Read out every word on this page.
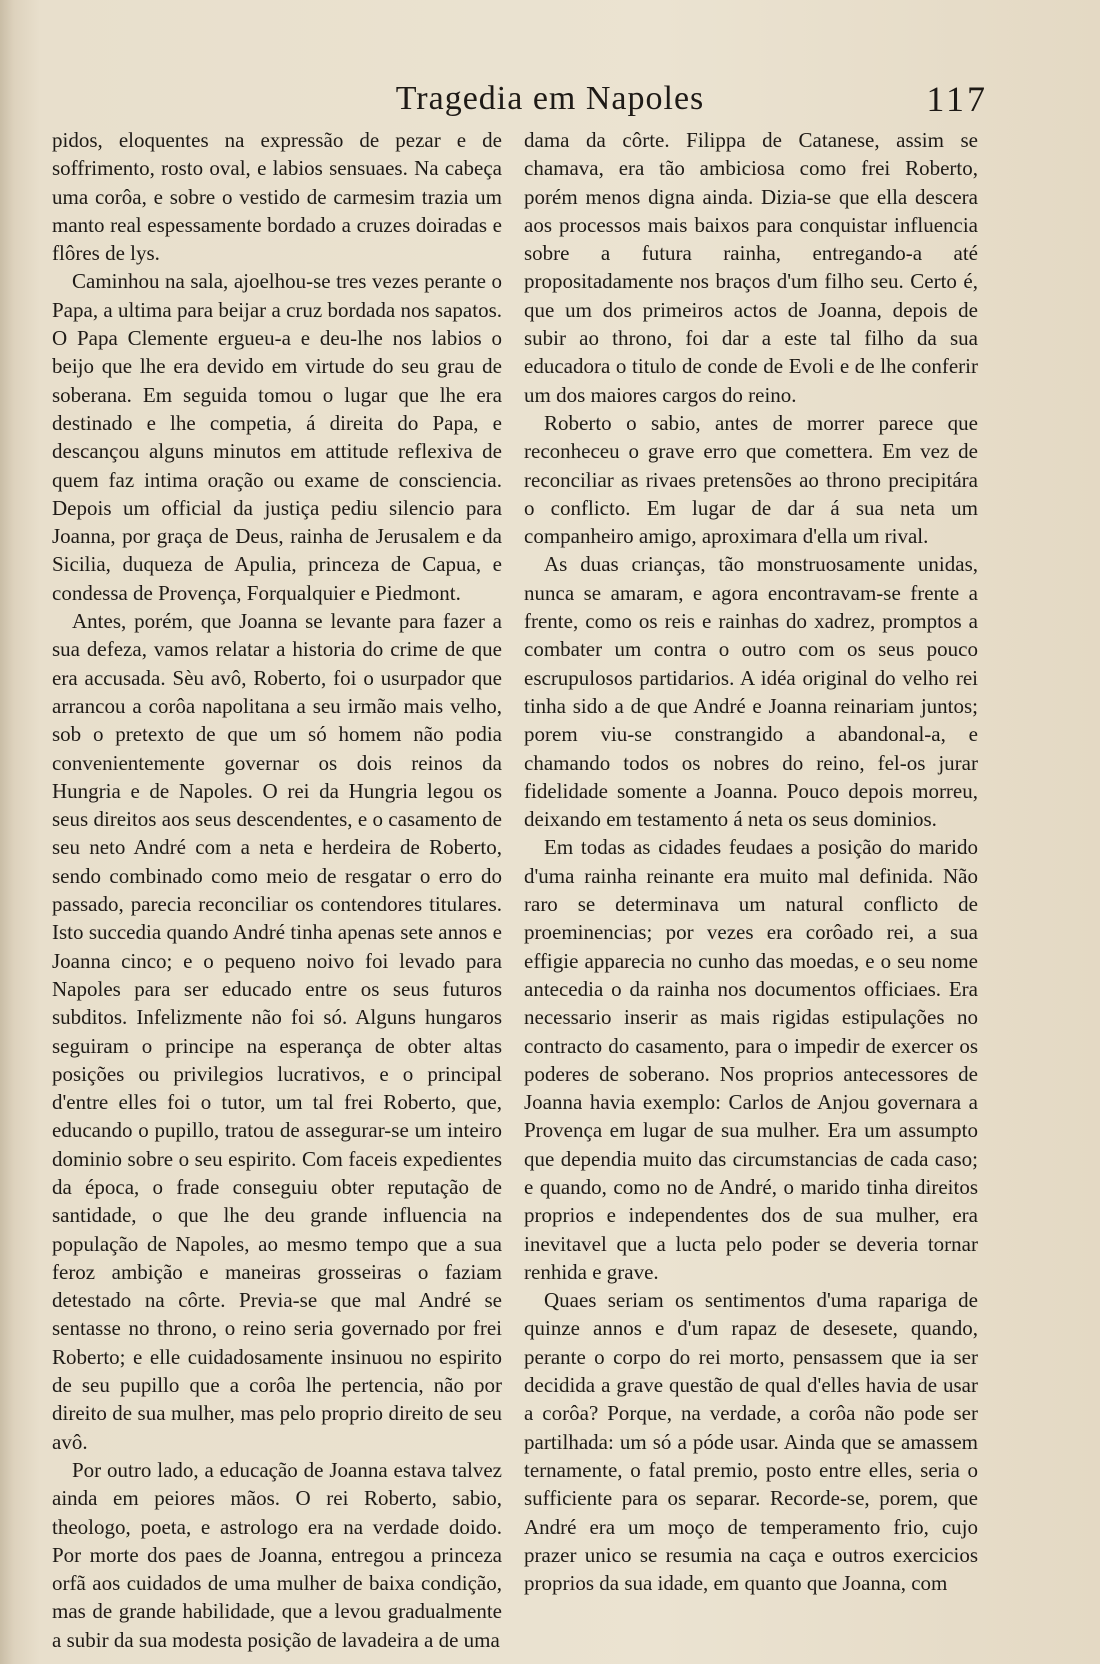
Tragedia em Napoles	117

pidos, eloquentes na expressão de pezar e de soffrimento, rosto oval, e labios sensuaes. Na cabeça uma corôa, e sobre o vestido de carmesim trazia um manto real espessamente bordado a cruzes doiradas e flôres de lys.

Caminhou na sala, ajoelhou-se tres vezes perante o Papa, a ultima para beijar a cruz bordada nos sapatos. O Papa Clemente ergueu-a e deu-lhe nos labios o beijo que lhe era devido em virtude do seu grau de soberana. Em seguida tomou o lugar que lhe era destinado e lhe competia, á direita do Papa, e descançou alguns minutos em attitude reflexiva de quem faz intima oração ou exame de consciencia. Depois um official da justiça pediu silencio para Joanna, por graça de Deus, rainha de Jerusalem e da Sicilia, duqueza de Apulia, princeza de Capua, e condessa de Provença, Forqualquier e Piedmont.

Antes, porém, que Joanna se levante para fazer a sua defeza, vamos relatar a historia do crime de que era accusada. Sèu avô, Roberto, foi o usurpador que arrancou a corôa napolitana a seu irmão mais velho, sob o pretexto de que um só homem não podia convenientemente governar os dois reinos da Hungria e de Napoles. O rei da Hungria legou os seus direitos aos seus descendentes, e o casamento de seu neto André com a neta e herdeira de Roberto, sendo combinado como meio de resgatar o erro do passado, parecia reconciliar os contendores titulares. Isto succedia quando André tinha apenas sete annos e Joanna cinco; e o pequeno noivo foi levado para Napoles para ser educado entre os seus futuros subditos. Infelizmente não foi só. Alguns hungaros seguiram o principe na esperança de obter altas posições ou privilegios lucrativos, e o principal d'entre elles foi o tutor, um tal frei Roberto, que, educando o pupillo, tratou de assegurar-se um inteiro dominio sobre o seu espirito. Com faceis expedientes da época, o frade conseguiu obter reputação de santidade, o que lhe deu grande influencia na população de Napoles, ao mesmo tempo que a sua feroz ambição e maneiras grosseiras o faziam detestado na côrte. Previa-se que mal André se sentasse no throno, o reino seria governado por frei Roberto; e elle cuidadosamente insinuou no espirito de seu pupillo que a corôa lhe pertencia, não por direito de sua mulher, mas pelo proprio direito de seu avô.

Por outro lado, a educação de Joanna estava talvez ainda em peiores mãos. O rei Roberto, sabio, theologo, poeta, e astrologo era na verdade doido. Por morte dos paes de Joanna, entregou a princeza orfã aos cuidados de uma mulher de baixa condição, mas de grande habilidade, que a levou gradualmente a subir da sua modesta posição de lavadeira a de uma

dama da côrte. Filippa de Catanese, assim se chamava, era tão ambiciosa como frei Roberto, porém menos digna ainda. Dizia-se que ella descera aos processos mais baixos para conquistar influencia sobre a futura rainha, entregando-a até propositadamente nos braços d'um filho seu. Certo é, que um dos primeiros actos de Joanna, depois de subir ao throno, foi dar a este tal filho da sua educadora o titulo de conde de Evoli e de lhe conferir um dos maiores cargos do reino.

Roberto o sabio, antes de morrer parece que reconheceu o grave erro que comettera. Em vez de reconciliar as rivaes pretensões ao throno precipitára o conflicto. Em lugar de dar á sua neta um companheiro amigo, aproximara d'ella um rival.

As duas crianças, tão monstruosamente unidas, nunca se amaram, e agora encontravam-se frente a frente, como os reis e rainhas do xadrez, promptos a combater um contra o outro com os seus pouco escrupulosos partidarios. A idéa original do velho rei tinha sido a de que André e Joanna reinariam juntos; porem viu-se constrangido a abandonal-a, e chamando todos os nobres do reino, fel-os jurar fidelidade somente a Joanna. Pouco depois morreu, deixando em testamento á neta os seus dominios.

Em todas as cidades feudaes a posição do marido d'uma rainha reinante era muito mal definida. Não raro se determinava um natural conflicto de proeminencias; por vezes era corôado rei, a sua effigie apparecia no cunho das moedas, e o seu nome antecedia o da rainha nos documentos officiaes. Era necessario inserir as mais rigidas estipulações no contracto do casamento, para o impedir de exercer os poderes de soberano. Nos proprios antecessores de Joanna havia exemplo: Carlos de Anjou governara a Provença em lugar de sua mulher. Era um assumpto que dependia muito das circumstancias de cada caso; e quando, como no de André, o marido tinha direitos proprios e independentes dos de sua mulher, era inevitavel que a lucta pelo poder se deveria tornar renhida e grave.

Quaes seriam os sentimentos d'uma rapariga de quinze annos e d'um rapaz de desesete, quando, perante o corpo do rei morto, pensassem que ia ser decidida a grave questão de qual d'elles havia de usar a corôa? Porque, na verdade, a corôa não pode ser partilhada: um só a póde usar. Ainda que se amassem ternamente, o fatal premio, posto entre elles, seria o sufficiente para os separar. Recorde-se, porem, que André era um moço de temperamento frio, cujo prazer unico se resumia na caça e outros exercicios proprios da sua idade, em quanto que Joanna, com
